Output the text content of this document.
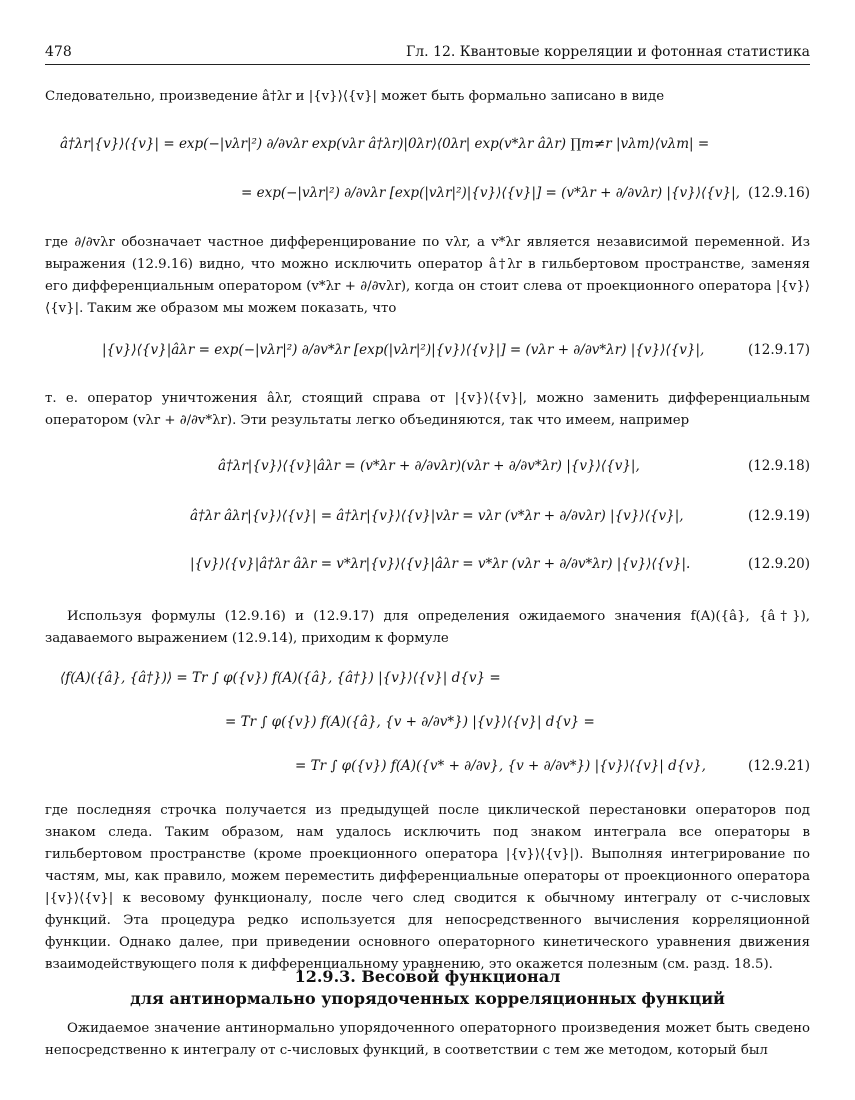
478	Гл. 12. Квантовые корреляции и фотонная статистика
Следовательно, произведение â†λr и |{v}⟩⟨{v}| может быть формально записано в виде
â†λr|{v}⟩⟨{v}| = exp(−|vλr|²) ∂/∂vλr exp(vλr â†λr)|0λr⟩⟨0λr| exp(v*λr âλr) ∏m≠r |vλm⟩⟨vλm| =
= exp(−|vλr|²) ∂/∂vλr [exp(|vλr|²)|{v}⟩⟨{v}|] = (v*λr + ∂/∂vλr) |{v}⟩⟨{v}|, (12.9.16)
где ∂/∂vλr обозначает частное дифференцирование по vλr, а v*λr является независимой переменной. Из выражения (12.9.16) видно, что можно исключить оператор â†λr в гильбертовом пространстве, заменяя его дифференциальным оператором (v*λr + ∂/∂vλr), когда он стоит слева от проекционного оператора |{v}⟩⟨{v}|. Таким же образом мы можем показать, что
|{v}⟩⟨{v}|âλr = exp(−|vλr|²) ∂/∂v*λr [exp(|vλr|²)|{v}⟩⟨{v}|] = (vλr + ∂/∂v*λr) |{v}⟩⟨{v}|,	(12.9.17)
т. е. оператор уничтожения âλr, стоящий справа от |{v}⟩⟨{v}|, можно заменить дифференциальным оператором (vλr + ∂/∂v*λr). Эти результаты легко объединяются, так что имеем, например
â†λr|{v}⟩⟨{v}|âλr = (v*λr + ∂/∂vλr)(vλr + ∂/∂v*λr) |{v}⟩⟨{v}|,	(12.9.18)
â†λr âλr|{v}⟩⟨{v}| = â†λr|{v}⟩⟨{v}|vλr = vλr (v*λr + ∂/∂vλr) |{v}⟩⟨{v}|,	(12.9.19)
|{v}⟩⟨{v}|â†λr âλr = v*λr|{v}⟩⟨{v}|âλr = v*λr (vλr + ∂/∂v*λr) |{v}⟩⟨{v}|.	(12.9.20)
Используя формулы (12.9.16) и (12.9.17) для определения ожидаемого значения f(A)({â}, {â†}), задаваемого выражением (12.9.14), приходим к формуле
⟨f(A)({â}, {â†})⟩ = Tr ∫ φ({v}) f(A)({â}, {â†}) |{v}⟩⟨{v}| d{v} =
= Tr ∫ φ({v}) f(A)({â}, {v + ∂/∂v*}) |{v}⟩⟨{v}| d{v} =
= Tr ∫ φ({v}) f(A)({v* + ∂/∂v}, {v + ∂/∂v*}) |{v}⟩⟨{v}| d{v},	(12.9.21)
где последняя строчка получается из предыдущей после циклической перестановки операторов под знаком следа. Таким образом, нам удалось исключить под знаком интеграла все операторы в гильбертовом пространстве (кроме проекционного оператора |{v}⟩⟨{v}|). Выполняя интегрирование по частям, мы, как правило, можем переместить дифференциальные операторы от проекционного оператора |{v}⟩⟨{v}| к весовому функционалу, после чего след сводится к обычному интегралу от c-числовых функций. Эта процедура редко используется для непосредственного вычисления корреляционной функции. Однако далее, при приведении основного операторного кинетического уравнения движения взаимодействующего поля к дифференциальному уравнению, это окажется полезным (см. разд. 18.5).
12.9.3. Весовой функционал
для антинормально упорядоченных корреляционных функций
Ожидаемое значение антинормально упорядоченного операторного произведения может быть сведено непосредственно к интегралу от c-числовых функций, в соответствии с тем же методом, который был
